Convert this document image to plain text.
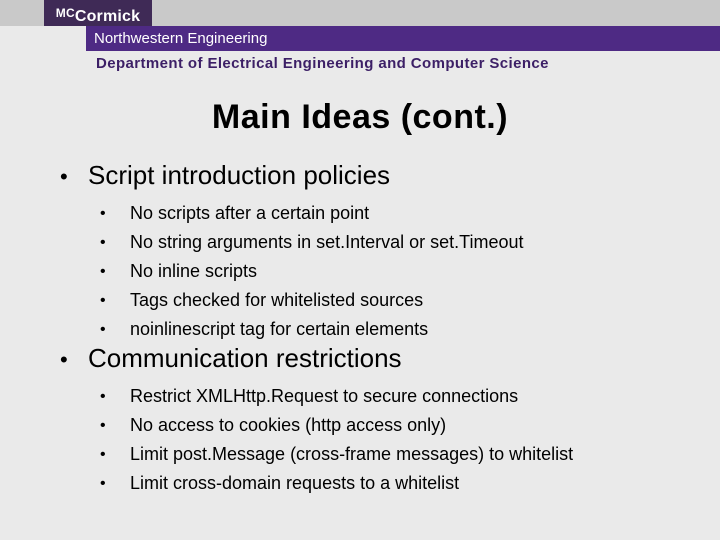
$^{MC}$Cormick
Northwestern Engineering
Department of Electrical Engineering and Computer Science
Main Ideas (cont.)
• Script introduction policies
•	No scripts after a certain point
•	No string arguments in set.Interval or set.Timeout
•	No inline scripts
•	Tags checked for whitelisted sources
•	noinlinescript tag for certain elements
• Communication restrictions
•	Restrict XMLHttp.Request to secure connections
•	No access to cookies (http access only)
•	Limit post.Message (cross-frame messages) to whitelist
•	Limit cross-domain requests to a whitelist
